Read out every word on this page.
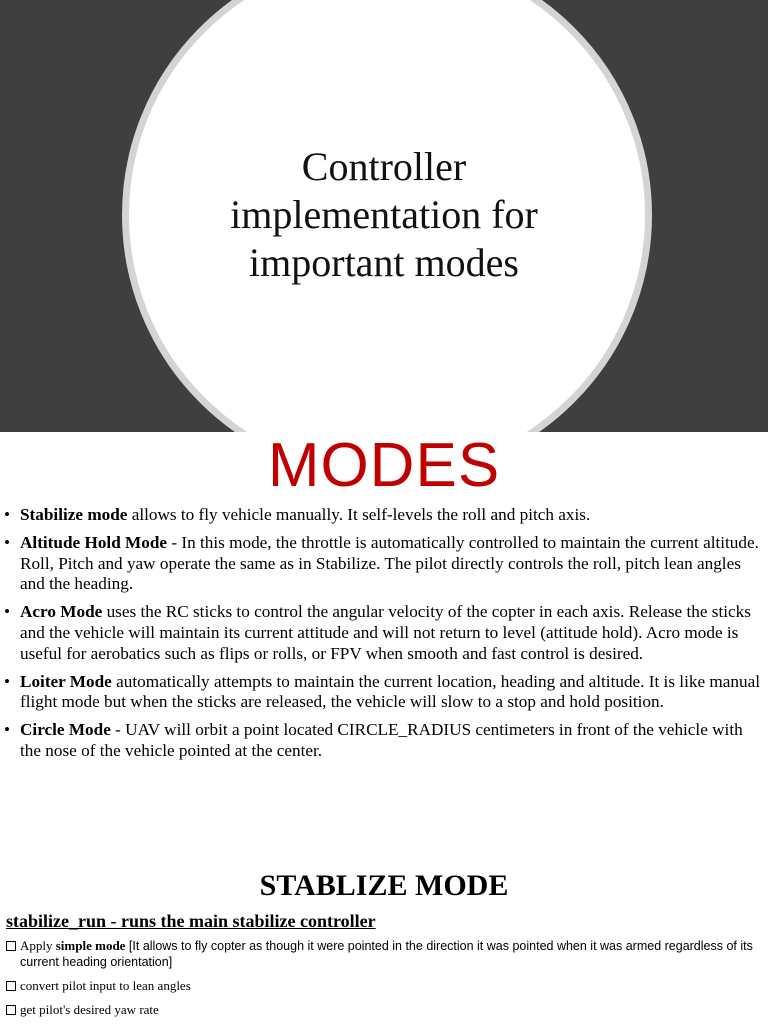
Controller
implementation for
important modes
MODES
• Stabilize mode allows to fly vehicle manually. It self-levels the roll and pitch axis.
• Altitude Hold Mode - In this mode, the throttle is automatically controlled to maintain the current altitude. Roll, Pitch and yaw operate the same as in Stabilize. The pilot directly controls the roll, pitch lean angles and the heading.
• Acro Mode uses the RC sticks to control the angular velocity of the copter in each axis. Release the sticks and the vehicle will maintain its current attitude and will not return to level (attitude hold). Acro mode is useful for aerobatics such as flips or rolls, or FPV when smooth and fast control is desired.
• Loiter Mode automatically attempts to maintain the current location, heading and altitude. It is like manual flight mode but when the sticks are released, the vehicle will slow to a stop and hold position.
• Circle Mode - UAV will orbit a point located CIRCLE_RADIUS centimeters in front of the vehicle with the nose of the vehicle pointed at the center.
STABLIZE MODE
stabilize_run - runs the main stabilize controller
Apply simple mode [It allows to fly copter as though it were pointed in the direction it was pointed when it was armed regardless of its current heading orientation]
convert pilot input to lean angles
get pilot's desired yaw rate
